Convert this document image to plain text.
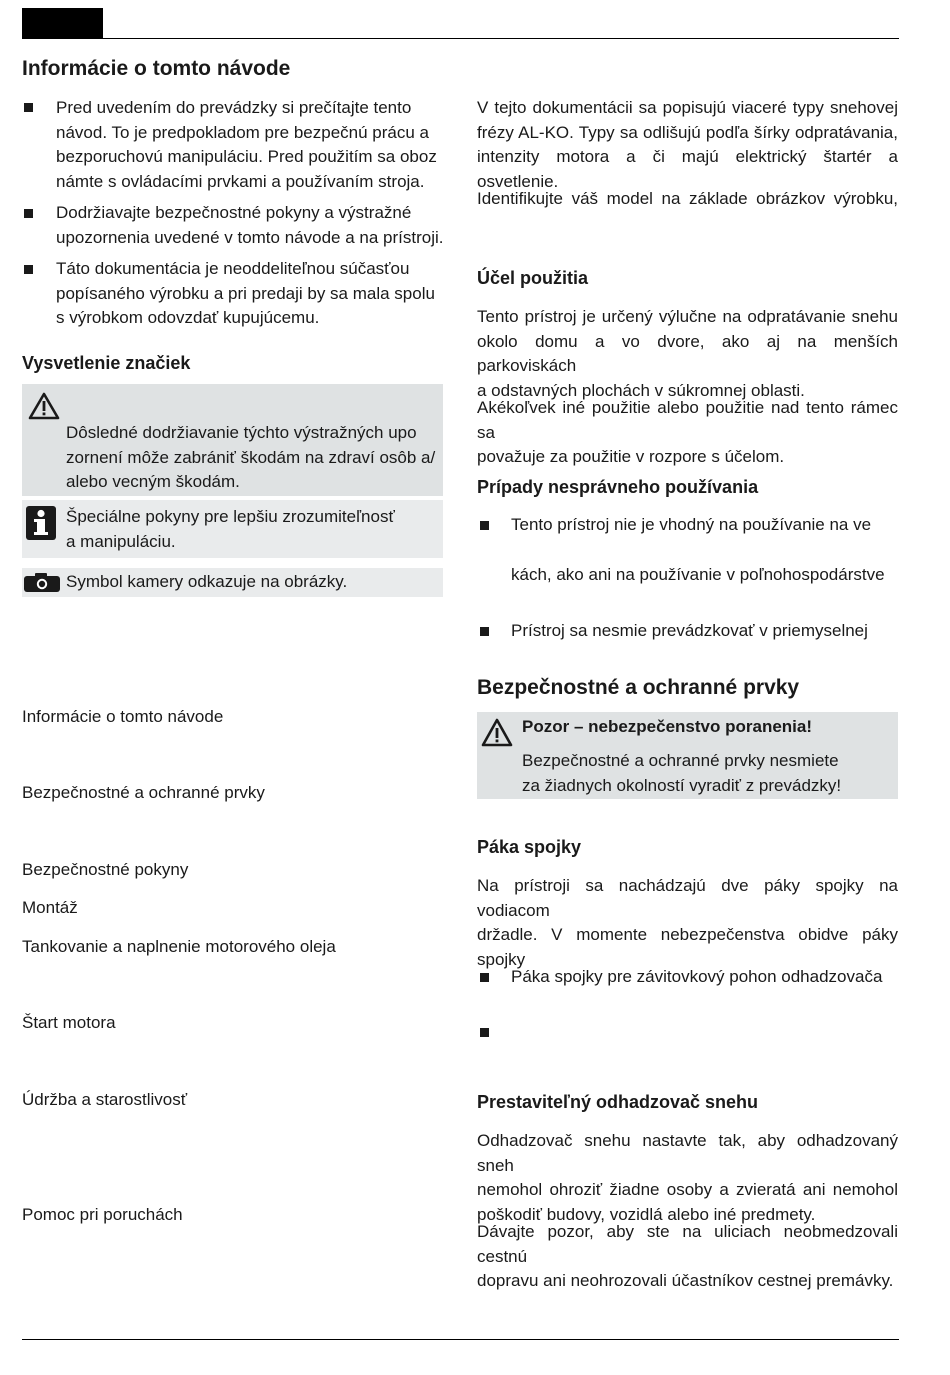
Informácie o tomto návode
Pred uvedením do prevádzky si prečítajte tento
návod. To je predpokladom pre bezpečnú prácu a
bezporuchovú manipuláciu. Pred použitím sa oboz
námte s ovládacími prvkami a používaním stroja.
Dodržiavajte bezpečnostné pokyny a výstražné
upozornenia uvedené v tomto návode a na prístroji.
Táto dokumentácia je neoddeliteľnou súčasťou
popísaného výrobku a pri predaji by sa mala spolu
s výrobkom odovzdať kupujúcemu.
Vysvetlenie značiek
Dôsledné dodržiavanie týchto výstražných upo
zornení môže zabrániť škodám na zdraví osôb a/
alebo vecným škodám.
Špeciálne pokyny pre lepšiu zrozumiteľnosť
a manipuláciu.
Symbol kamery odkazuje na obrázky.
Informácie o tomto návode
Bezpečnostné a ochranné prvky
Bezpečnostné pokyny
Montáž
Tankovanie a naplnenie motorového oleja
Štart motora
Údržba a starostlivosť
Pomoc pri poruchách
V tejto dokumentácii sa popisujú viaceré typy snehovej
frézy AL-KO. Typy sa odlišujú podľa šírky odpratávania,
intenzity motora a či majú elektrický štartér a osvetlenie.
Identifikujte váš model na základe obrázkov výrobku,
Účel použitia
Tento prístroj je určený výlučne na odpratávanie snehu
okolo domu a vo dvore, ako aj na menších parkoviskách
a odstavných plochách v súkromnej oblasti.
Akékoľvek iné použitie alebo použitie nad tento rámec sa
považuje za použitie v rozpore s účelom.
Prípady nesprávneho používania
Tento prístroj nie je vhodný na používanie na ve
kách, ako ani na používanie v poľnohospodárstve
Prístroj sa nesmie prevádzkovať v priemyselnej
Bezpečnostné a ochranné prvky
Pozor – nebezpečenstvo poranenia!
Bezpečnostné a ochranné prvky nesmiete
za žiadnych okolností vyradiť z prevádzky!
Páka spojky
Na prístroji sa nachádzajú dve páky spojky na vodiacom
držadle. V momente nebezpečenstva obidve páky spojky
Páka spojky pre závitovkový pohon odhadzovača
Prestaviteľný odhadzovač snehu
Odhadzovač snehu nastavte tak, aby odhadzovaný sneh
nemohol ohroziť žiadne osoby a zvieratá ani nemohol
poškodiť budovy, vozidlá alebo iné predmety.
Dávajte pozor, aby ste na uliciach neobmedzovali cestnú
dopravu ani neohrozovali účastníkov cestnej premávky.
